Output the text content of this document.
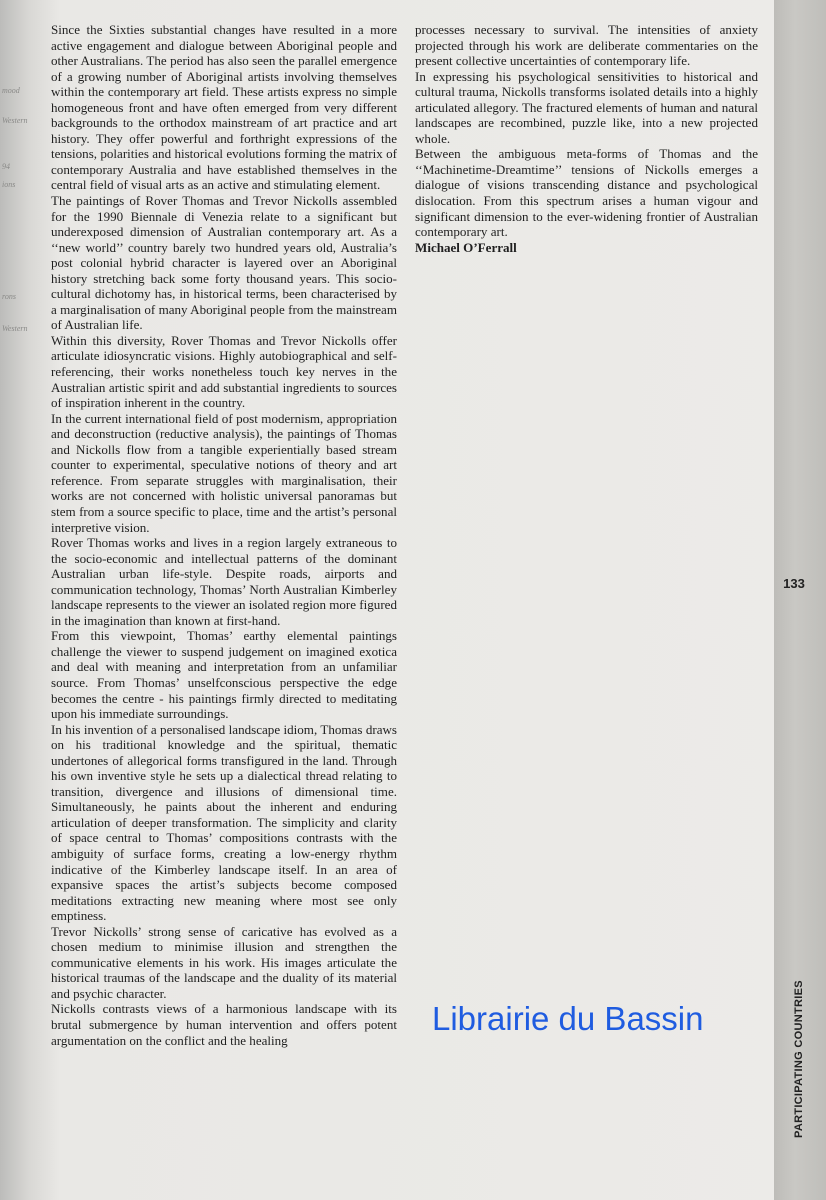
mood
Western
94
ions
rons
Western

Since the Sixties substantial changes have resulted in a more active engagement and dialogue between Aboriginal people and other Australians. The period has also seen the parallel emergence of a growing number of Aboriginal artists involving themselves within the contemporary art field. These artists express no simple homogeneous front and have often emerged from very different backgrounds to the orthodox mainstream of art practice and art history. They offer powerful and forthright expressions of the tensions, polarities and historical evolutions forming the matrix of contemporary Australia and have established themselves in the central field of visual arts as an active and stimulating element.

The paintings of Rover Thomas and Trevor Nickolls assembled for the 1990 Biennale di Venezia relate to a significant but underexposed dimension of Australian contemporary art. As a ‘‘new world’’ country barely two hundred years old, Australia’s post colonial hybrid character is layered over an Aboriginal history stretching back some forty thousand years. This socio-cultural dichotomy has, in historical terms, been characterised by a marginalisation of many Aboriginal people from the mainstream of Australian life.

Within this diversity, Rover Thomas and Trevor Nickolls offer articulate idiosyncratic visions. Highly autobiographical and self-referencing, their works nonetheless touch key nerves in the Australian artistic spirit and add substantial ingredients to sources of inspiration inherent in the country.

In the current international field of post modernism, appropriation and deconstruction (reductive analysis), the paintings of Thomas and Nickolls flow from a tangible experientially based stream counter to experimental, speculative notions of theory and art reference. From separate struggles with marginalisation, their works are not concerned with holistic universal panoramas but stem from a source specific to place, time and the artist’s personal interpretive vision.

Rover Thomas works and lives in a region largely extraneous to the socio-economic and intellectual patterns of the dominant Australian urban life-style. Despite roads, airports and communication technology, Thomas’ North Australian Kimberley landscape represents to the viewer an isolated region more figured in the imagination than known at first-hand.

From this viewpoint, Thomas’ earthy elemental paintings challenge the viewer to suspend judgement on imagined exotica and deal with meaning and interpretation from an unfamiliar source. From Thomas’ unselfconscious perspective the edge becomes the centre - his paintings firmly directed to meditating upon his immediate surroundings.

In his invention of a personalised landscape idiom, Thomas draws on his traditional knowledge and the spiritual, thematic undertones of allegorical forms transfigured in the land. Through his own inventive style he sets up a dialectical thread relating to transition, divergence and illusions of dimensional time. Simultaneously, he paints about the inherent and enduring articulation of deeper transformation. The simplicity and clarity of space central to Thomas’ compositions contrasts with the ambiguity of surface forms, creating a low-energy rhythm indicative of the Kimberley landscape itself. In an area of expansive spaces the artist’s subjects become composed meditations extracting new meaning where most see only emptiness.

Trevor Nickolls’ strong sense of caricative has evolved as a chosen medium to minimise illusion and strengthen the communicative elements in his work. His images articulate the historical traumas of the landscape and the duality of its material and psychic character.

Nickolls contrasts views of a harmonious landscape with its brutal submergence by human intervention and offers potent argumentation on the conflict and the healing

processes necessary to survival. The intensities of anxiety projected through his work are deliberate commentaries on the present collective uncertainties of contemporary life.

In expressing his psychological sensitivities to historical and cultural trauma, Nickolls transforms isolated details into a highly articulated allegory. The fractured elements of human and natural landscapes are recombined, puzzle like, into a new projected whole.

Between the ambiguous meta-forms of Thomas and the ‘‘Machinetime-Dreamtime’’ tensions of Nickolls emerges a dialogue of visions transcending distance and psychological dislocation. From this spectrum arises a human vigour and significant dimension to the ever-widening frontier of Australian contemporary art.

Michael O’Ferrall

133
PARTICIPATING COUNTRIES
Librairie du Bassin
